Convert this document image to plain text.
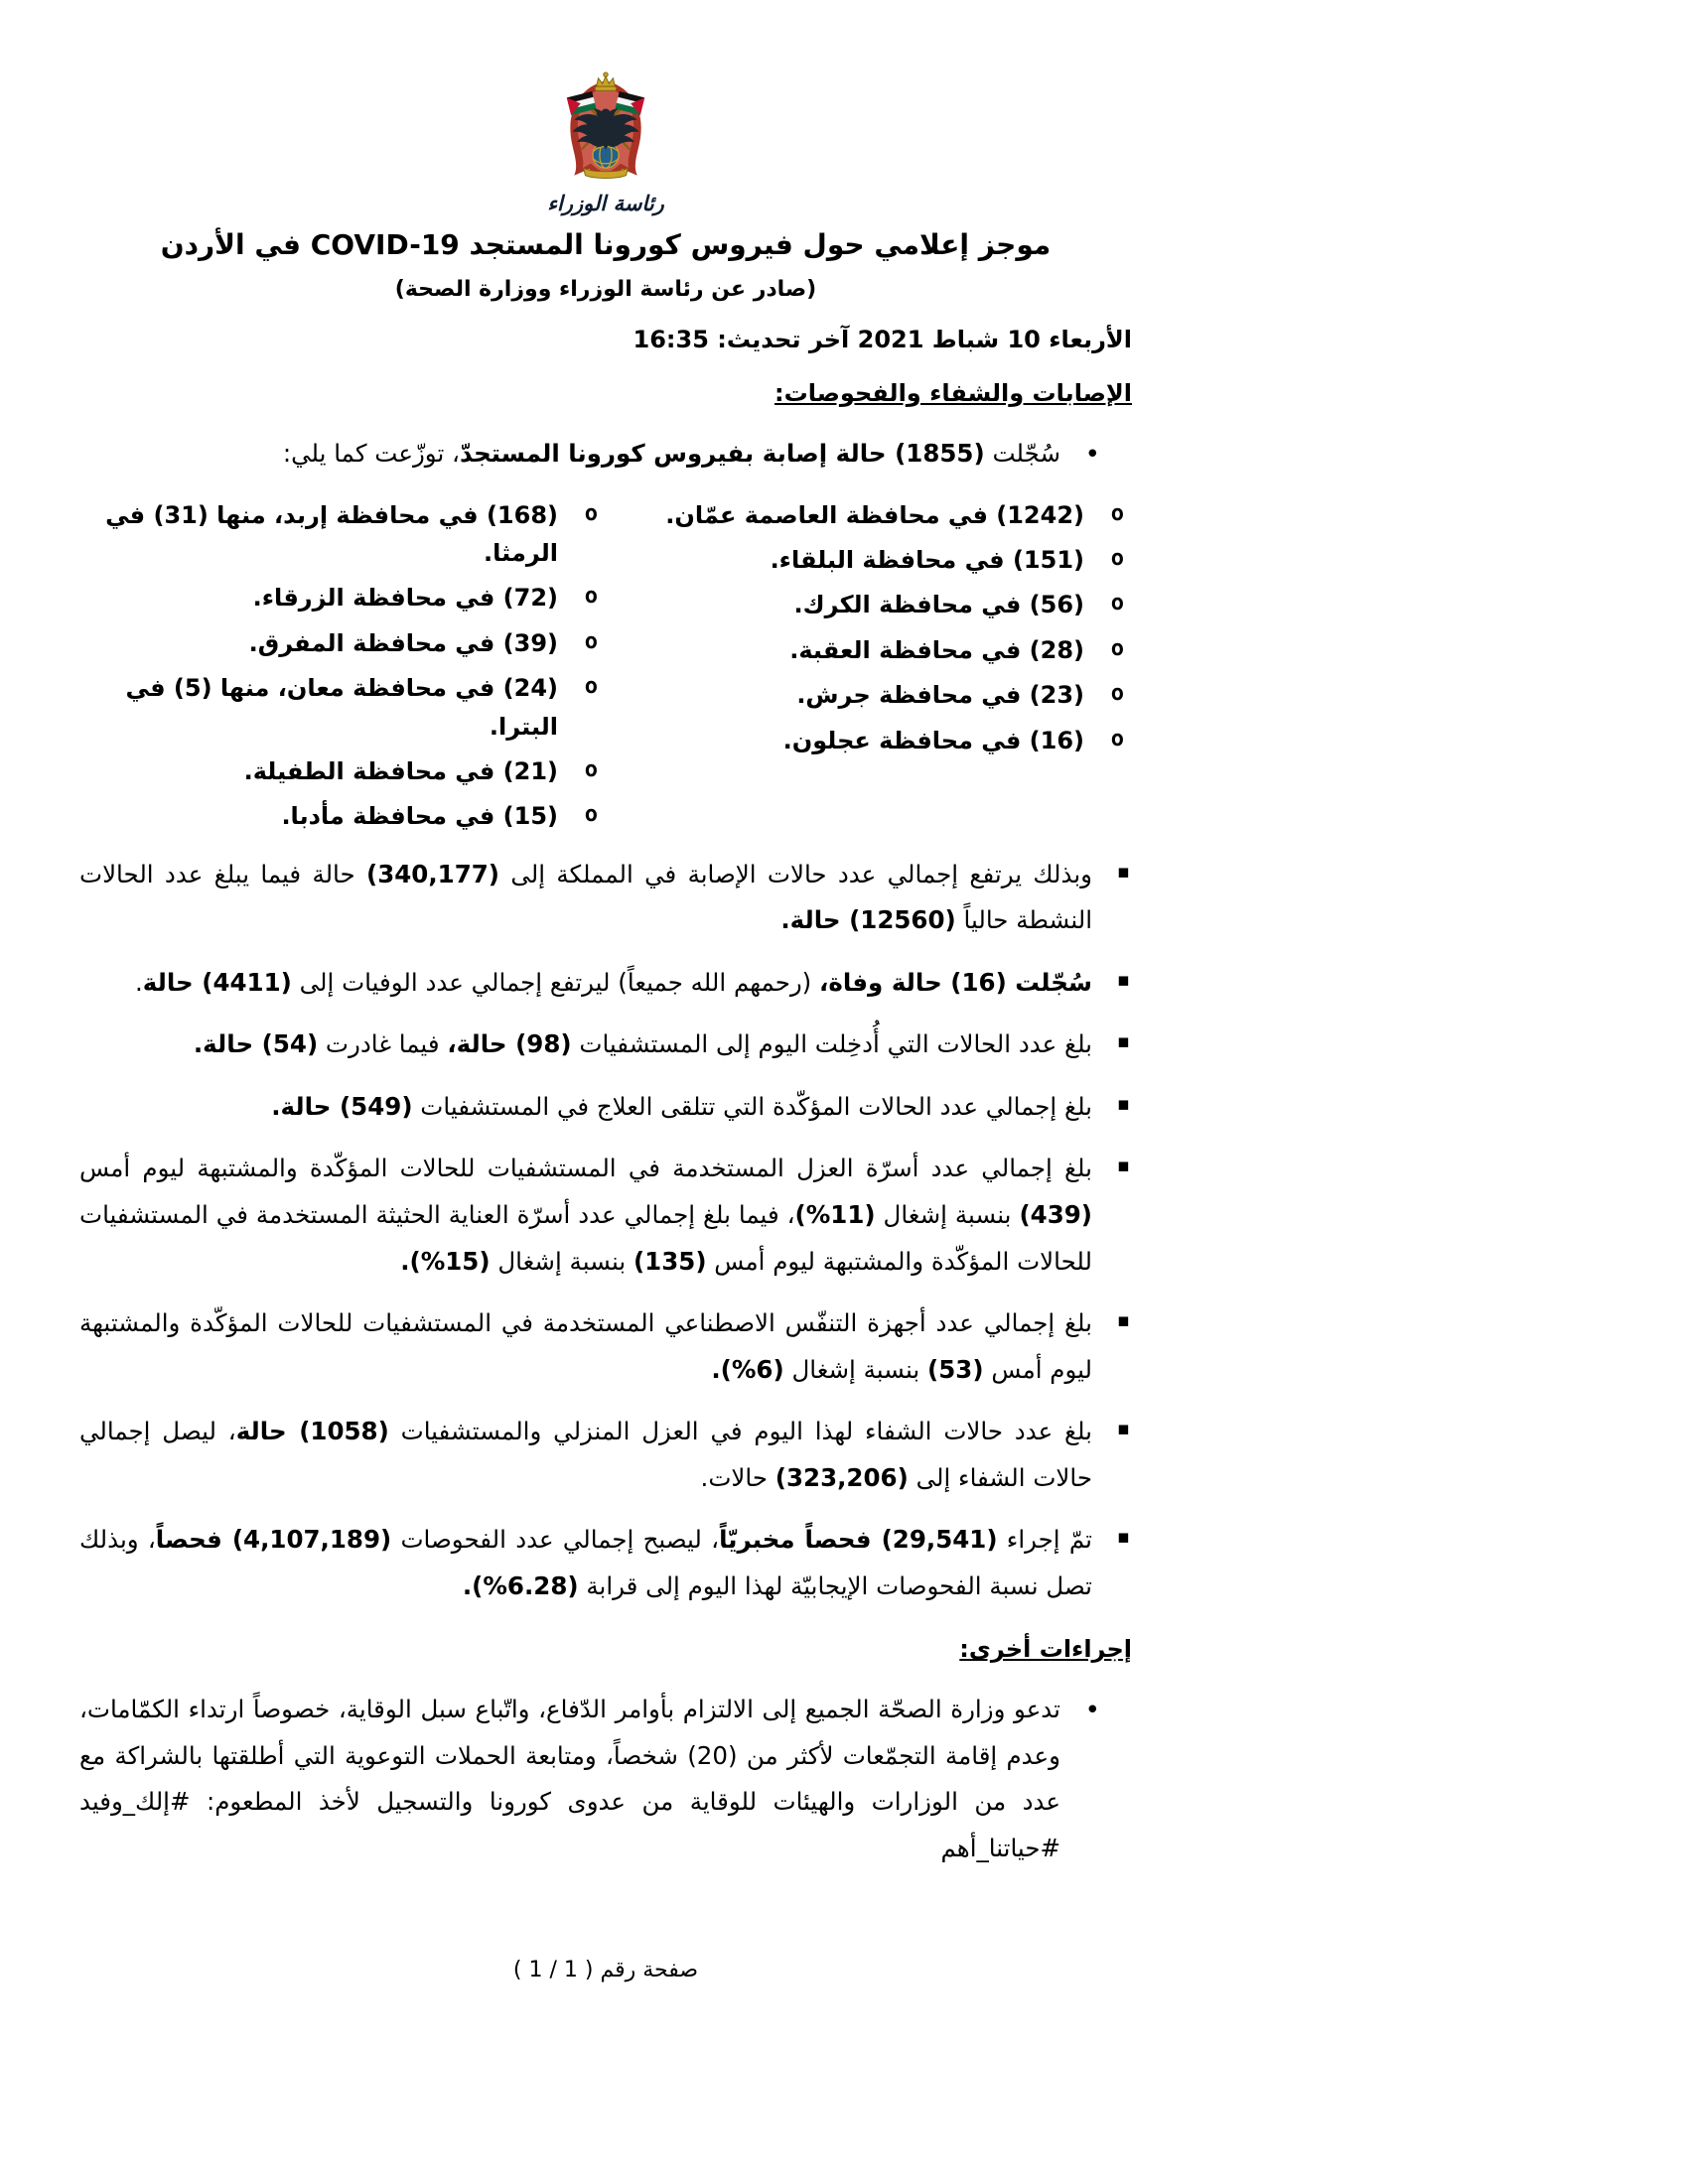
رئاسة الوزراء
موجز إعلامي حول فيروس كورونا المستجد COVID-19 في الأردن
(صادر عن رئاسة الوزراء ووزارة الصحة)
الأربعاء 10 شباط 2021 آخر تحديث: 16:35
الإصابات والشفاء والفحوصات:
•
سُجّلت (1855) حالة إصابة بفيروس كورونا المستجدّ، توزّعت كما يلي:
o
(1242) في محافظة العاصمة عمّان.
o
(151) في محافظة البلقاء.
o
(56) في محافظة الكرك.
o
(28) في محافظة العقبة.
o
(23) في محافظة جرش.
o
(16) في محافظة عجلون.
o
(168) في محافظة إربد، منها (31) في الرمثا.
o
(72) في محافظة الزرقاء.
o
(39) في محافظة المفرق.
o
(24) في محافظة معان، منها (5) في البترا.
o
(21) في محافظة الطفيلة.
o
(15) في محافظة مأدبا.
▪
وبذلك يرتفع إجمالي عدد حالات الإصابة في المملكة إلى (340,177) حالة فيما يبلغ عدد الحالات النشطة حالياً (12560) حالة.
▪
سُجّلت (16) حالة وفاة، (رحمهم الله جميعاً) ليرتفع إجمالي عدد الوفيات إلى (4411) حالة.
▪
بلغ عدد الحالات التي أُدخِلت اليوم إلى المستشفيات (98) حالة، فيما غادرت (54) حالة.
▪
بلغ إجمالي عدد الحالات المؤكّدة التي تتلقى العلاج في المستشفيات (549) حالة.
▪
بلغ إجمالي عدد أسرّة العزل المستخدمة في المستشفيات للحالات المؤكّدة والمشتبهة ليوم أمس (439) بنسبة إشغال (11%)، فيما بلغ إجمالي عدد أسرّة العناية الحثيثة المستخدمة في المستشفيات للحالات المؤكّدة والمشتبهة ليوم أمس (135) بنسبة إشغال (15%).
▪
بلغ إجمالي عدد أجهزة التنفّس الاصطناعي المستخدمة في المستشفيات للحالات المؤكّدة والمشتبهة ليوم أمس (53) بنسبة إشغال (6%).
▪
بلغ عدد حالات الشفاء لهذا اليوم في العزل المنزلي والمستشفيات (1058) حالة، ليصل إجمالي حالات الشفاء إلى (323,206) حالات.
▪
تمّ إجراء (29,541) فحصاً مخبريّاً، ليصبح إجمالي عدد الفحوصات (4,107,189) فحصاً، وبذلك تصل نسبة الفحوصات الإيجابيّة لهذا اليوم إلى قرابة (6.28%).
إجراءات أخرى:
•
تدعو وزارة الصحّة الجميع إلى الالتزام بأوامر الدّفاع، واتّباع سبل الوقاية، خصوصاً ارتداء الكمّامات، وعدم إقامة التجمّعات لأكثر من (20) شخصاً، ومتابعة الحملات التوعوية التي أطلقتها بالشراكة مع عدد من الوزارات والهيئات للوقاية من عدوى كورونا والتسجيل لأخذ المطعوم: #إلك_وفيد #حياتنا_أهم
صفحة رقم ( 1 / 1 )
